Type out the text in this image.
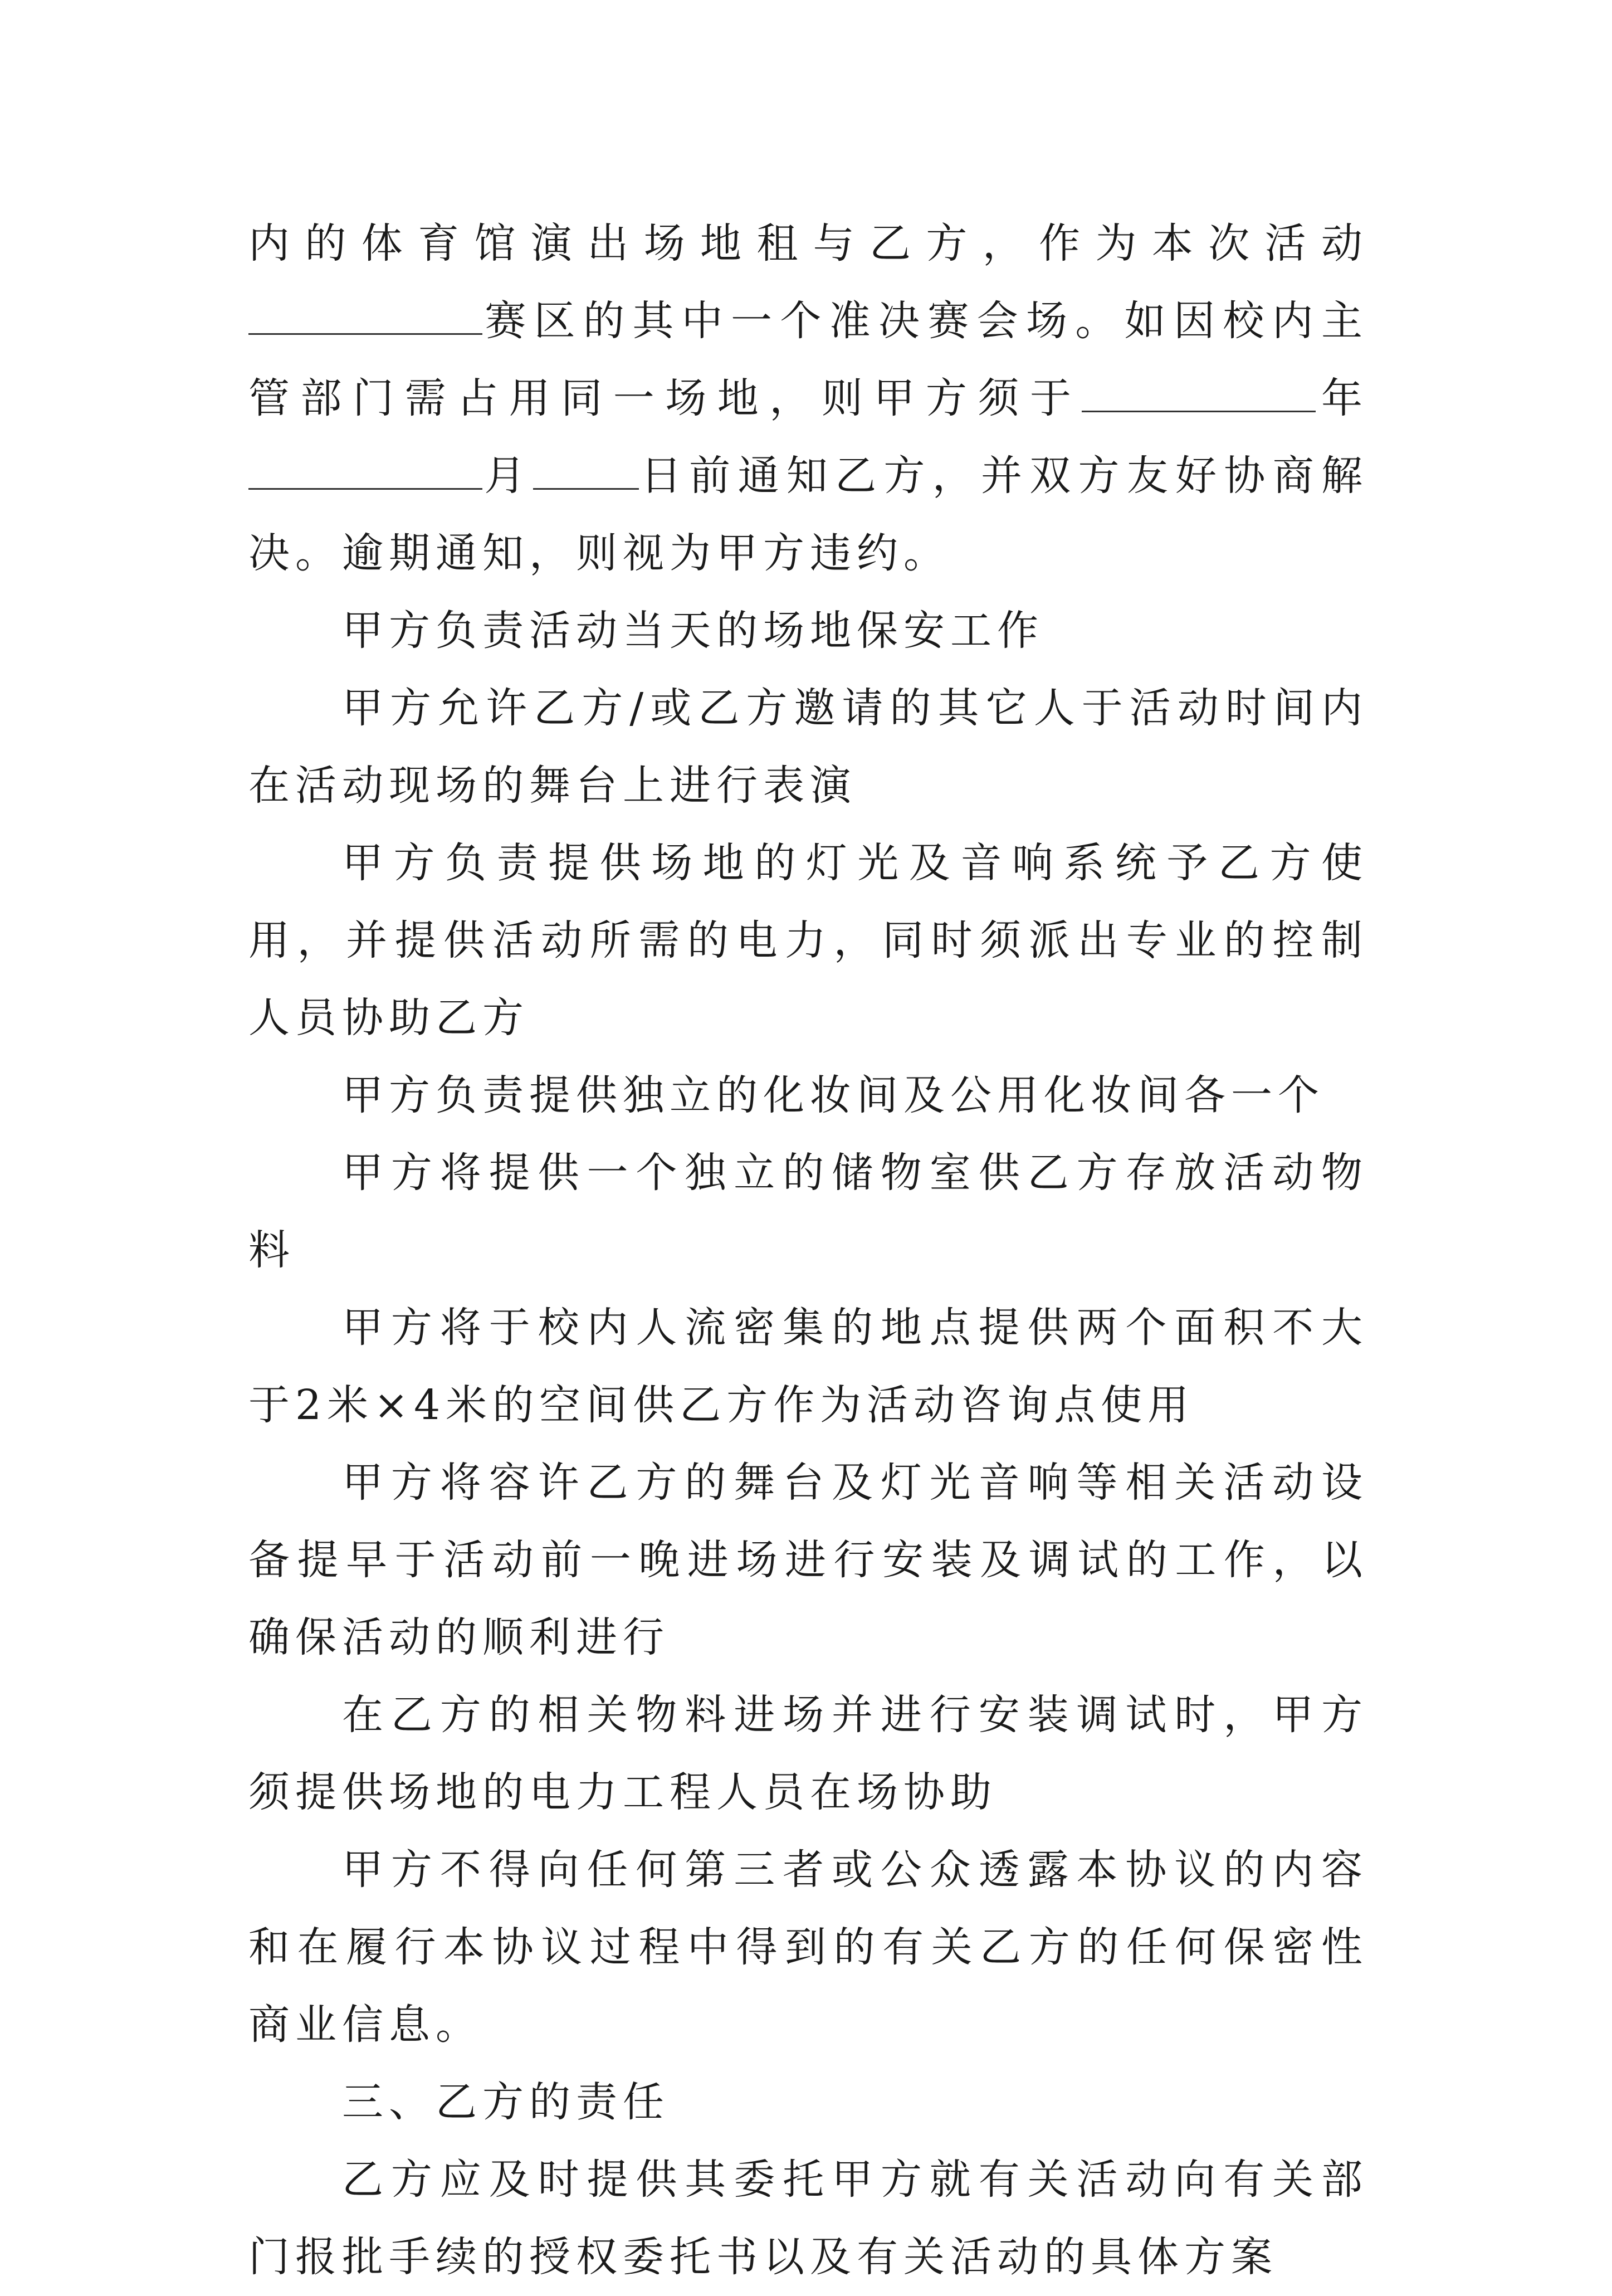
内的体育馆演出场地租与乙方，作为本次活动赛区的其中一个准决赛会场。如因校内主管部门需占用同一场地，则甲方须于	年月	日前通知乙方，并双方友好协商解决。逾期通知，则视为甲方违约。

甲方负责活动当天的场地保安工作

甲方允许乙方/或乙方邀请的其它人于活动时间内在活动现场的舞台上进行表演

甲方负责提供场地的灯光及音响系统予乙方使用，并提供活动所需的电力，同时须派出专业的控制人员协助乙方

甲方负责提供独立的化妆间及公用化妆间各一个

甲方将提供一个独立的储物室供乙方存放活动物料

甲方将于校内人流密集的地点提供两个面积不大于2米×4米的空间供乙方作为活动咨询点使用

甲方将容许乙方的舞台及灯光音响等相关活动设备提早于活动前一晚进场进行安装及调试的工作，以确保活动的顺利进行

在乙方的相关物料进场并进行安装调试时，甲方须提供场地的电力工程人员在场协助

甲方不得向任何第三者或公众透露本协议的内容和在履行本协议过程中得到的有关乙方的任何保密性商业信息。

三、乙方的责任

乙方应及时提供其委托甲方就有关活动向有关部门报批手续的授权委托书以及有关活动的具体方案
